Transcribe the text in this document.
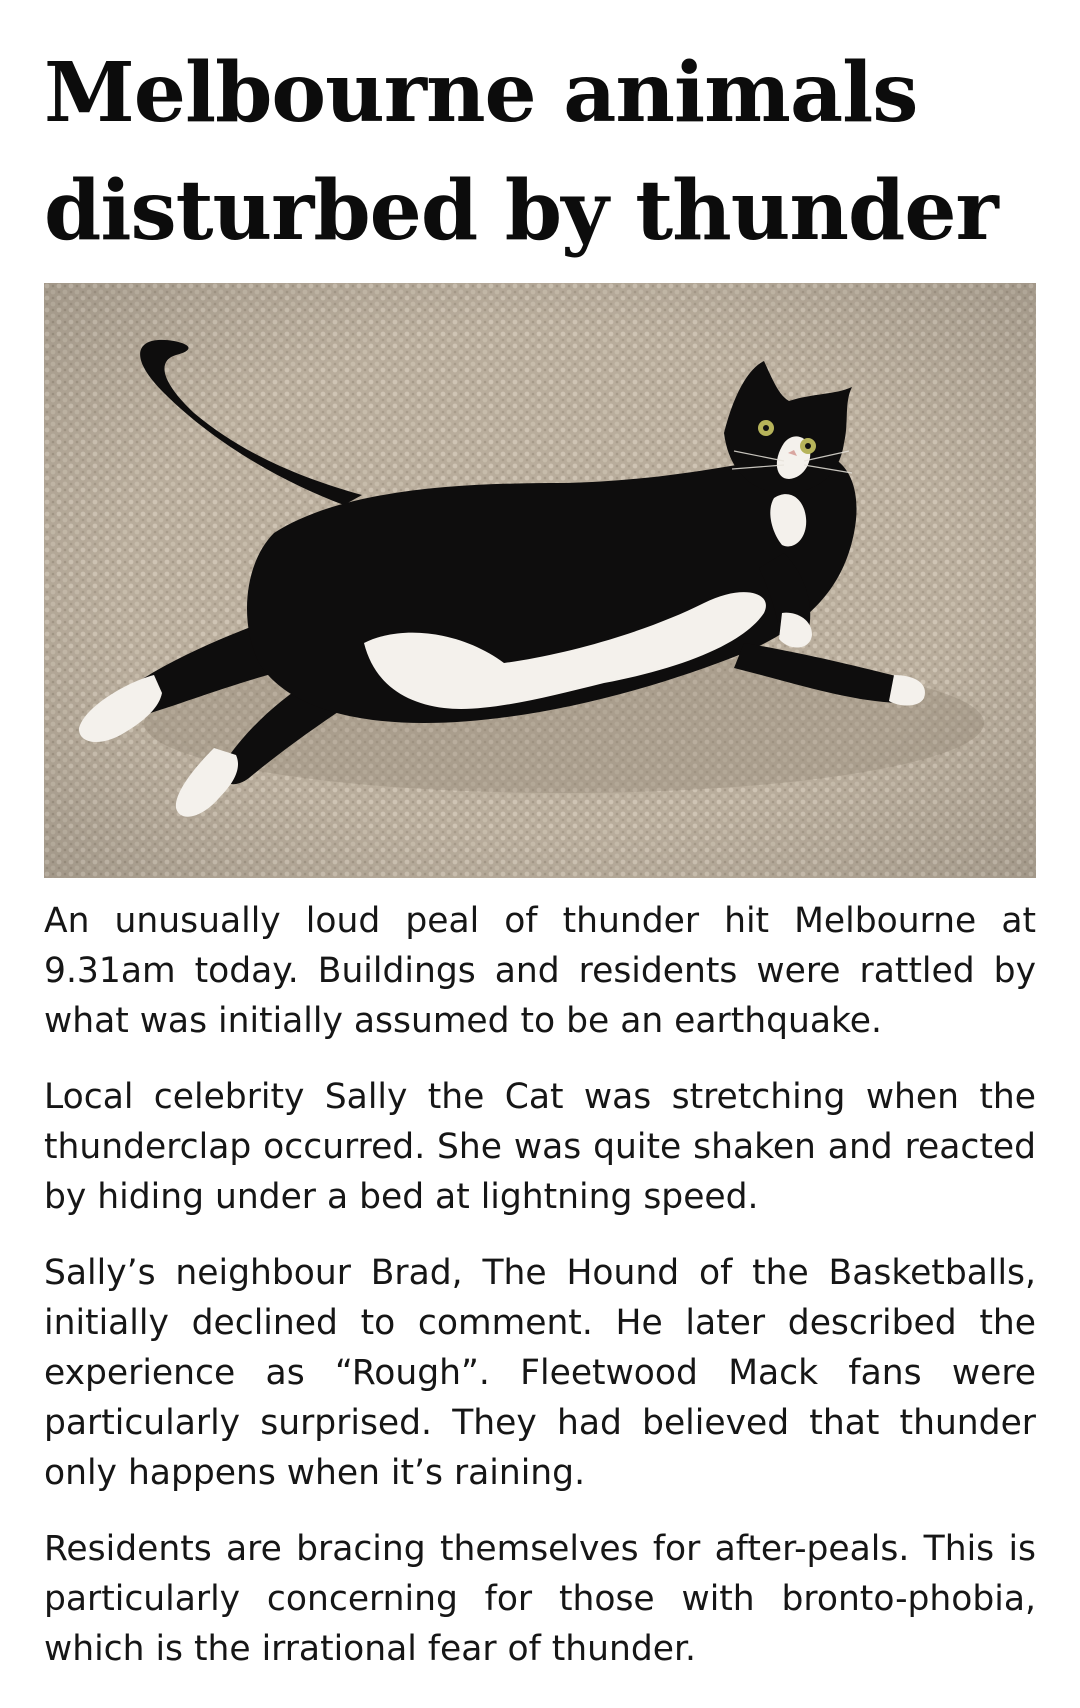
Melbourne animals
disturbed by thunder

An unusually loud peal of thunder hit Melbourne at 9.31am today. Buildings and residents were rattled by what was initially assumed to be an earthquake.

Local celebrity Sally the Cat was stretching when the thunderclap occurred. She was quite shaken and reacted by hiding under a bed at lightning speed.

Sally’s neighbour Brad, The Hound of the Basketballs, initially declined to comment. He later described the experience as “Rough”. Fleetwood Mack fans were particularly surprised. They had believed that thunder only happens when it’s raining.

Residents are bracing themselves for after-peals. This is particularly concerning for those with bronto-phobia, which is the irrational fear of thunder.
